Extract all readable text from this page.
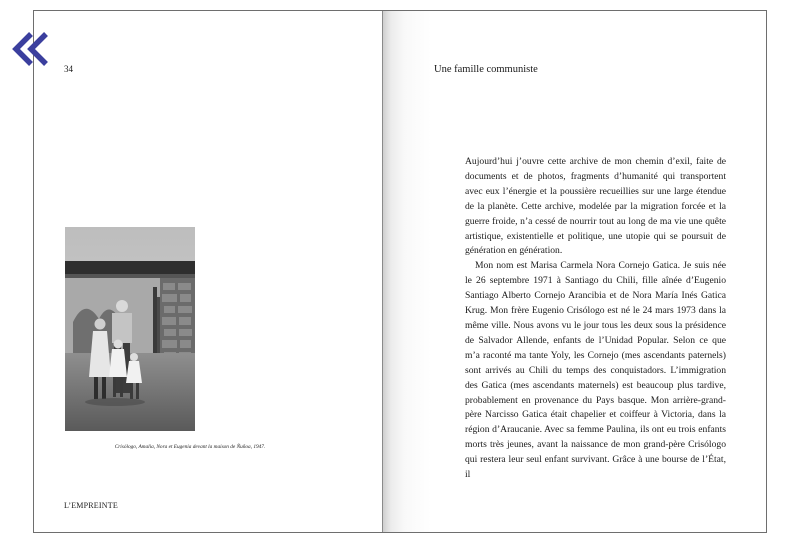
34	Une famille communiste
Crisólogo, Amalia, Nora et Eugenia devant la maison de Ñuñoa, 1947.

Aujourd’hui j’ouvre cette archive de mon chemin d’exil, faite de documents et de photos, fragments d’humanité qui transportent avec eux l’énergie et la poussière recueillies sur une large étendue de la planète. Cette archive, modelée par la migration forcée et la guerre froide, n’a cessé de nourrir tout au long de ma vie une quête artistique, existentielle et politique, une utopie qui se poursuit de génération en génération.

Mon nom est Marisa Carmela Nora Cornejo Gatica. Je suis née le 26 septembre 1971 à Santiago du Chili, fille aînée d’Eugenio Santiago Alberto Cornejo Arancibia et de Nora María Inés Gatica Krug. Mon frère Eugenio Crisólogo est né le 24 mars 1973 dans la même ville. Nous avons vu le jour tous les deux sous la présidence de Salvador Allende, enfants de l’Unidad Popular. Selon ce que m’a raconté ma tante Yoly, les Cornejo (mes ascendants paternels) sont arrivés au Chili du temps des conquistadors. L’immigration des Gatica (mes ascendants maternels) est beaucoup plus tardive, probablement en provenance du Pays basque. Mon arrière-grand-père Narcisso Gatica était chapelier et coiffeur à Victoria, dans la région d’Araucanie. Avec sa femme Paulina, ils ont eu trois enfants morts très jeunes, avant la naissance de mon grand-père Crisólogo qui restera leur seul enfant survivant. Grâce à une bourse de l’État, il

L’EMPREINTE
